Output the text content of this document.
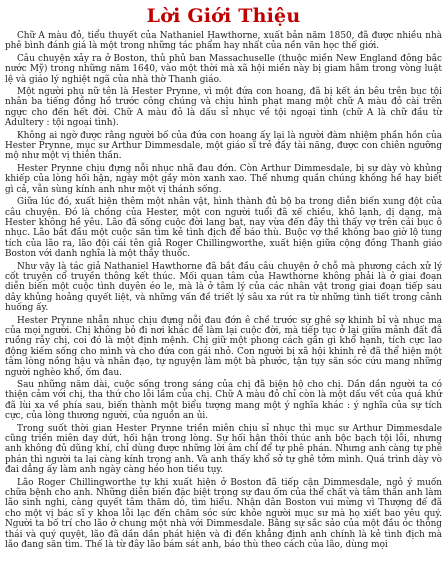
Lời Giới Thiệu

Chữ A màu đỏ, tiểu thuyết của Nathaniel Hawthorne, xuất bản năm 1850, đã được nhiều nhà phê bình đánh giá là một trong những tác phẩm hay nhất của nền văn học thế giới.

Câu chuyện xảy ra ở Boston, thủ phủ ban Massachuselle (thuộc miền New England đông bắc nước Mỹ) trong những năm 1640, vào một thời mà xã hội miền này bị giam hãm trong vòng luật lệ và giáo lý nghiệt ngã của nhà thờ Thanh giáo.

Một người phụ nữ tên là Hester Prynne, vì một đứa con hoang, đã bị kết án bêu trên bục tội nhân ba tiếng đồng hồ trước công chúng và chịu hình phạt mang một chữ A màu đỏ cài trên ngực cho đến hết đời. Chữ A màu đỏ là dấu sỉ nhục về tội ngoại tình (chữ A là chữ đầu từ Adultery : tội ngoại tình).

Không ai ngờ được rằng người bố của đứa con hoang ấy lại là người đàm nhiệm phần hồn của Hester Prynne, mục sư Arthur Dimmesdale, một giáo sĩ trẻ đầy tài năng, được con chiên ngưỡng mộ như một vị thiên thần.

Hester Prynne chịu đựng nỗi nhục nhã đau đớn. Còn Arthur Dimmesdale, bị sự dày vò khủng khiếp của lòng hối hận, ngày một gầy mòn xanh xao. Thế nhưng quần chúng không hề hay biết gì cả, vẫn sùng kính anh như một vị thánh sống.

Giữa lúc đó, xuất hiện thêm một nhân vật, hình thành đủ bộ ba trong diễn biến xung đột của câu chuyện. Đó là chồng của Hester, một con người tuổi đã xế chiều, khô lạnh, dị dạng, mà Hester không hề yêu. Lão đã sống cuộc đời lang bạt, nay vừa đến đây thì thấy vợ trên cái bục ô nhục. Lão bắt đầu một cuộc săn tìm kẻ tình địch để báo thù. Buộc vợ thề không bao giờ lộ tung tích của lão ra, lão đội cái tên giả Roger Chillingworthe, xuất hiện giữa cộng đồng Thanh giáo Boston với danh nghĩa là một thầy thuốc.

Như vậy là tác giả Nathaniel Hawthorne đã bắt đầu câu chuyện ở chỗ mà phương cách xử lý cốt truyện cổ truyền thông kết thúc. Mối quan tâm của Hawthorne không phải là ở giai đoạn diễn biến một cuộc tình duyên éo le, mà là ở tâm lý của các nhân vật trong giai đoạn tiếp sau dây khủng hoảng quyết liệt, và những vấn đề triết lý sâu xa rút ra từ những tình tiết trong cảnh huống ấy.

Hester Prynne nhẫn nhục chịu đựng nỗi đau đớn ê chề trước sự ghê sợ khinh bỉ và nhục mạ của mọi người. Chị không bỏ đi nơi khác để làm lại cuộc đời, mà tiếp tục ở lại giữa mảnh đất đã ruồng rẫy chị, coi đó là một định mệnh. Chị giữ một phong cách gần gì khổ hạnh, tích cực lao động kiếm sống cho mình và cho đứa con gái nhỏ. Con người bị xã hội khinh rẻ đã thể hiện một tâm lòng nồng hậu và nhân đạo, tự nguyện làm một bà phước, tận tụy săn sóc cứu mang những người nghèo khổ, ốm đau.

Sau những năm dài, cuộc sống trong sáng của chị đã biện hộ cho chị. Dần dần người ta có thiện cảm với chị, tha thứ cho lỗi lầm của chị. Chữ A màu đỏ chỉ còn là một dấu vết của quá khứ đã lùi xa về phía sau, biến thành một biểu tượng mang một ý nghĩa khác : ý nghĩa của sự tích cực, của lòng thương người, của nguồn an ủi.

Trong suốt thời gian Hester Prynne triền miên chịu sỉ nhục thì mục sư Arthur Dimmesdale cũng triền miên day dứt, hối hận trong lòng. Sự hối hận thôi thúc anh bộc bạch tội lỗi, nhưng anh không đủ dũng khí, chỉ dùng được những lời âm chỉ để tự phê phán. Nhưng anh càng tự phê phán thì người ta lại càng kính trọng anh. Và anh thấy khổ sở tự ghê tởm mình. Quá trình dày vò đai dẳng ấy làm anh ngày càng héo hon tiều tụy.

Lão Roger Chillingworthe tự khi xuất hiện ở Boston đã tiếp cận Dimmesdale, ngỏ ý muốn chữa bệnh cho anh. Những diễn biến đặc biệt trong sự đau ốm của thể chất và tâm thần anh làm lão sinh nghi, càng quyết tâm thăm dò, tìm hiểu. Nhận dân Boston vui mừng vì Thượng đế đã cho một vị bác sĩ y khoa lỗi lạc đến chăm sóc sức khỏe người mục sư mà họ xiết bao yêu quý. Người ta bố trí cho lão ở chung một nhà với Dimmesdale. Bằng sự sắc sảo của một đầu óc thông thái và quý quyệt, lão đã dần dần phát hiện và đi đến khẳng định anh chính là kẻ tình địch mà lão đang săn tìm. Thế là từ đây lão bám sát anh, báo thù theo cách của lão, dùng mọi
